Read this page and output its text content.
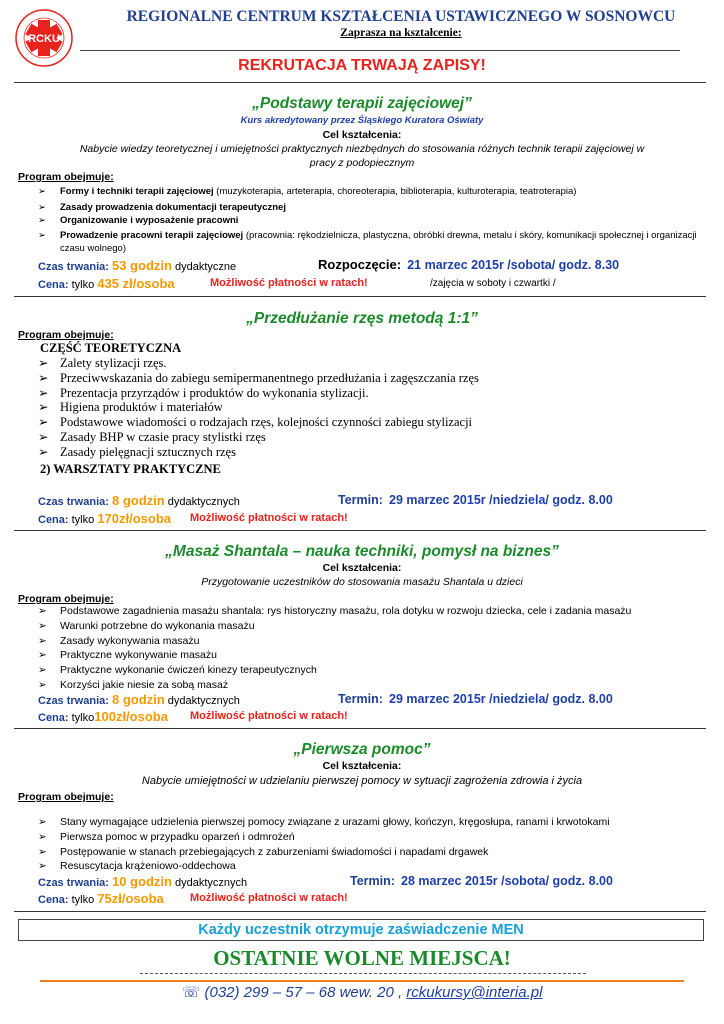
RCKU
REGIONALNE CENTRUM KSZTAŁCENIA USTAWICZNEGO W SOSNOWCU
Zaprasza na kształcenie:
REKRUTACJA TRWAJĄ ZAPISY!
„Podstawy terapii zajęciowej”
Kurs akredytowany przez Śląskiego Kuratora Oświaty
Cel kształcenia:
Nabycie wiedzy teoretycznej i umiejętności praktycznych niezbędnych do stosowania różnych technik terapii zajęciowej w
pracy z podopiecznym
Program obejmuje:
➢ Formy i techniki terapii zajęciowej (muzykoterapia, arteterapia, choreoterapia, biblioterapia, kulturoterapia, teatroterapia)
➢ Zasady prowadzenia dokumentacji terapeutycznej
➢ Organizowanie i wyposażenie pracowni
➢ Prowadzenie pracowni terapii zajęciowej (pracownia: rękodzielnicza, plastyczna, obróbki drewna, metalu i skóry, komunikacji społecznej i organizacji czasu wolnego)
Czas trwania: 53 godzin dydaktyczne	Rozpoczęcie: 21 marzec 2015r /sobota/ godz. 8.30
Cena: tylko 435 zł/osoba	Możliwość płatności w ratach!	/zajęcia w soboty i czwartki /
„Przedłużanie rzęs metodą 1:1”
Program obejmuje:
CZĘŚĆ TEORETYCZNA
➢ Zalety stylizacji rzęs.
➢ Przeciwwskazania do zabiegu semipermanentnego przedłużania i zagęszczania rzęs
➢ Prezentacja przyrządów i produktów do wykonania stylizacji.
➢ Higiena produktów i materiałów
➢ Podstawowe wiadomości o rodzajach rzęs, kolejności czynności zabiegu stylizacji
➢ Zasady BHP w czasie pracy stylistki rzęs
➢ Zasady pielęgnacji sztucznych rzęs
2) WARSZTATY PRAKTYCZNE
Czas trwania: 8 godzin dydaktycznych	Termin: 29 marzec 2015r /niedziela/ godz. 8.00
Cena: tylko 170zł/osoba Możliwość płatności w ratach!
„Masaż Shantala – nauka techniki, pomysł na biznes”
Cel kształcenia:
Przygotowanie uczestników do stosowania masażu Shantala u dzieci
Program obejmuje:
➢ Podstawowe zagadnienia masażu shantala: rys historyczny masażu, rola dotyku w rozwoju dziecka, cele i zadania masażu
➢ Warunki potrzebne do wykonania masażu
➢ Zasady wykonywania masażu
➢ Praktyczne wykonywanie masażu
➢ Praktyczne wykonanie ćwiczeń kinezy terapeutycznych
➢ Korzyści jakie niesie za sobą masaż
Czas trwania: 8 godzin dydaktycznych	Termin: 29 marzec 2015r /niedziela/ godz. 8.00
Cena: tylko100zł/osoba Możliwość płatności w ratach!
„Pierwsza pomoc”
Cel kształcenia:
Nabycie umiejętności w udzielaniu pierwszej pomocy w sytuacji zagrożenia zdrowia i życia
Program obejmuje:
➢ Stany wymagające udzielenia pierwszej pomocy związane z urazami głowy, kończyn, kręgosłupa, ranami i krwotokami
➢ Pierwsza pomoc w przypadku oparzeń i odmrożeń
➢ Postępowanie w stanach przebiegających z zaburzeniami świadomości i napadami drgawek
➢ Resuscytacja krążeniowo-oddechowa
Czas trwania: 10 godzin dydaktycznych	Termin: 28 marzec 2015r /sobota/ godz. 8.00
Cena: tylko 75zł/osoba Możliwość płatności w ratach!
Każdy uczestnik otrzymuje zaświadczenie MEN
OSTATNIE WOLNE MIEJSCA!
☏ (032) 299 – 57 – 68 wew. 20 , rckukursy@interia.pl
